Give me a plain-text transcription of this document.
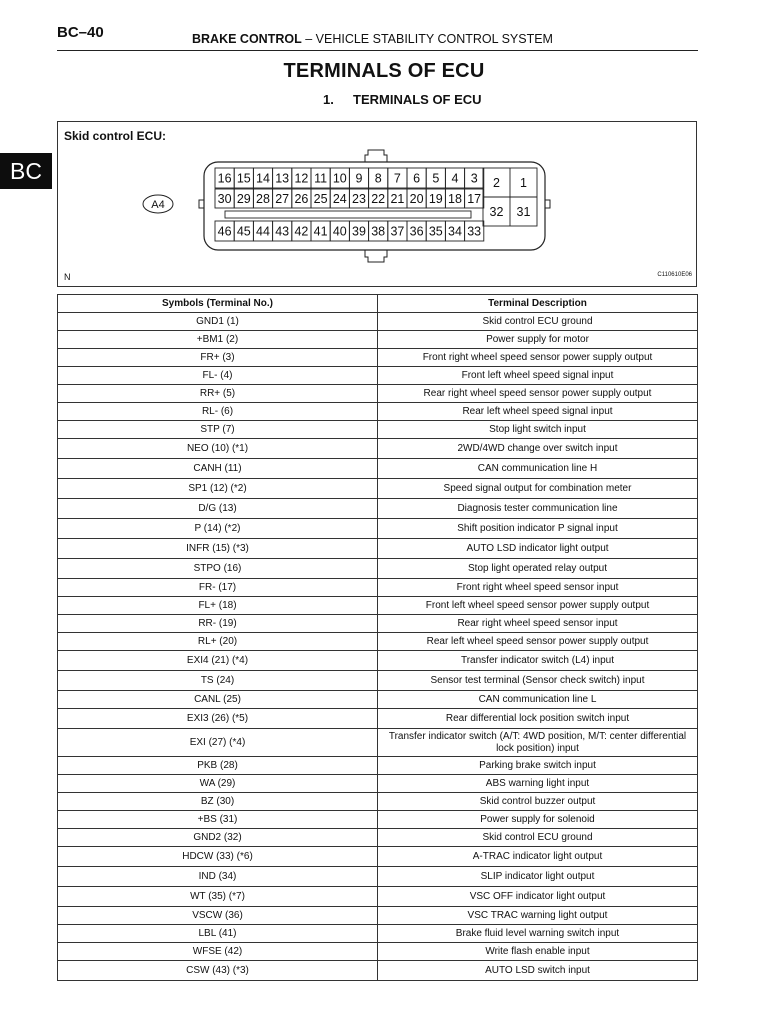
BC–40	BRAKE CONTROL – VEHICLE STABILITY CONTROL SYSTEM
BC
TERMINALS OF ECU
1. TERMINALS OF ECU
Skid control ECU:
A4
16 15 14 13 12 11 10 9 8 7 6 5 4 3
30 29 28 27 26 25 24 23 22 21 20 19 18 17
46 45 44 43 42 41 40 39 38 37 36 35 34 33
2 1
32 31
N	C110610E06
Symbols (Terminal No.)	Terminal Description
GND1 (1)	Skid control ECU ground
+BM1 (2)	Power supply for motor
FR+ (3)	Front right wheel speed sensor power supply output
FL- (4)	Front left wheel speed signal input
RR+ (5)	Rear right wheel speed sensor power supply output
RL- (6)	Rear left wheel speed signal input
STP (7)	Stop light switch input
NEO (10) (*1)	2WD/4WD change over switch input
CANH (11)	CAN communication line H
SP1 (12) (*2)	Speed signal output for combination meter
D/G (13)	Diagnosis tester communication line
P (14) (*2)	Shift position indicator P signal input
INFR (15) (*3)	AUTO LSD indicator light output
STPO (16)	Stop light operated relay output
FR- (17)	Front right wheel speed sensor input
FL+ (18)	Front left wheel speed sensor power supply output
RR- (19)	Rear right wheel speed sensor input
RL+ (20)	Rear left wheel speed sensor power supply output
EXI4 (21) (*4)	Transfer indicator switch (L4) input
TS (24)	Sensor test terminal (Sensor check switch) input
CANL (25)	CAN communication line L
EXI3 (26) (*5)	Rear differential lock position switch input
EXI (27) (*4)	Transfer indicator switch (A/T: 4WD position, M/T: center differential lock position) input
PKB (28)	Parking brake switch input
WA (29)	ABS warning light input
BZ (30)	Skid control buzzer output
+BS (31)	Power supply for solenoid
GND2 (32)	Skid control ECU ground
HDCW (33) (*6)	A-TRAC indicator light output
IND (34)	SLIP indicator light output
WT (35) (*7)	VSC OFF indicator light output
VSCW (36)	VSC TRAC warning light output
LBL (41)	Brake fluid level warning switch input
WFSE (42)	Write flash enable input
CSW (43) (*3)	AUTO LSD switch input
